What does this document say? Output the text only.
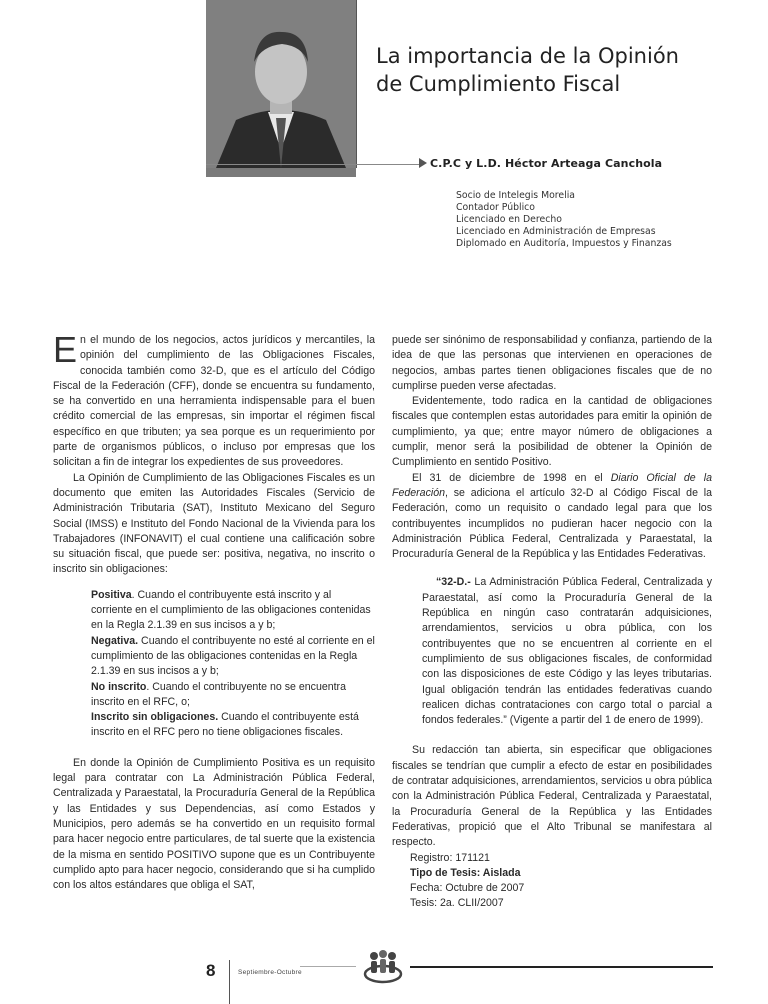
La importancia de la Opinión
de Cumplimiento Fiscal
C.P.C y L.D. Héctor Arteaga Canchola
Socio de Intelegis Morelia
Contador Público
Licenciado en Derecho
Licenciado en Administración de Empresas
Diplomado en Auditoría, Impuestos y Finanzas

En el mundo de los negocios, actos jurídicos y mercantiles, la opinión del cumplimiento de las Obligaciones Fiscales, conocida también como 32-D, que es el artículo del Código Fiscal de la Federación (CFF), donde se encuentra su fundamento, se ha convertido en una herramienta indispensable para el buen crédito comercial de las empresas, sin importar el régimen fiscal específico en que tributen; ya sea porque es un requerimiento por parte de organismos públicos, o incluso por empresas que los solicitan a fin de integrar los expedientes de sus proveedores.

La Opinión de Cumplimiento de las Obligaciones Fiscales es un documento que emiten las Autoridades Fiscales (Servicio de Administración Tributaria (SAT), Instituto Mexicano del Seguro Social (IMSS) e Instituto del Fondo Nacional de la Vivienda para los Trabajadores (INFONAVIT) el cual contiene una calificación sobre su situación fiscal, que puede ser: positiva, negativa, no inscrito o inscrito sin obligaciones:

Positiva. Cuando el contribuyente está inscrito y al corriente en el cumplimiento de las obligaciones contenidas en la Regla 2.1.39 en sus incisos a y b;
Negativa. Cuando el contribuyente no esté al corriente en el cumplimiento de las obligaciones contenidas en la Regla 2.1.39 en sus incisos a y b;
No inscrito. Cuando el contribuyente no se encuentra inscrito en el RFC, o;
Inscrito sin obligaciones. Cuando el contribuyente está inscrito en el RFC pero no tiene obligaciones fiscales.

En donde la Opinión de Cumplimiento Positiva es un requisito legal para contratar con La Administración Pública Federal, Centralizada y Paraestatal, la Procuraduría General de la República y las Entidades y sus Dependencias, así como Estados y Municipios, pero además se ha convertido en un requisito formal para hacer negocio entre particulares, de tal suerte que la existencia de la misma en sentido POSITIVO supone que es un Contribuyente cumplido apto para hacer negocio, considerando que si ha cumplido con los altos estándares que obliga el SAT,

puede ser sinónimo de responsabilidad y confianza, partiendo de la idea de que las personas que intervienen en operaciones de negocios, ambas partes tienen obligaciones fiscales que de no cumplirse pueden verse afectadas.

Evidentemente, todo radica en la cantidad de obligaciones fiscales que contemplen estas autoridades para emitir la opinión de cumplimiento, ya que; entre mayor número de obligaciones a cumplir, menor será la posibilidad de obtener la Opinión de Cumplimiento en sentido Positivo.

El 31 de diciembre de 1998 en el Diario Oficial de la Federación, se adiciona el artículo 32-D al Código Fiscal de la Federación, como un requisito o candado legal para que los contribuyentes incumplidos no pudieran hacer negocio con la Administración Pública Federal, Centralizada y Paraestatal, la Procuraduría General de la República y las Entidades Federativas.

“32-D.- La Administración Pública Federal, Centralizada y Paraestatal, así como la Procuraduría General de la República en ningún caso contratarán adquisiciones, arrendamientos, servicios u obra pública, con los contribuyentes que no se encuentren al corriente en el cumplimiento de sus obligaciones fiscales, de conformidad con las disposiciones de este Código y las leyes tributarias. Igual obligación tendrán las entidades federativas cuando realicen dichas contrataciones con cargo total o parcial a fondos federales.” (Vigente a partir del 1 de enero de 1999).

Su redacción tan abierta, sin especificar que obligaciones fiscales se tendrían que cumplir a efecto de estar en posibilidades de contratar adquisiciones, arrendamientos, servicios u obra pública con la Administración Pública Federal, Centralizada y Paraestatal, la Procuraduría General de la República y las Entidades Federativas, propició que el Alto Tribunal se manifestara al respecto.

Registro: 171121
Tipo de Tesis: Aislada
Fecha: Octubre de 2007
Tesis: 2a. CLII/2007
8	Septiembre-Octubre
